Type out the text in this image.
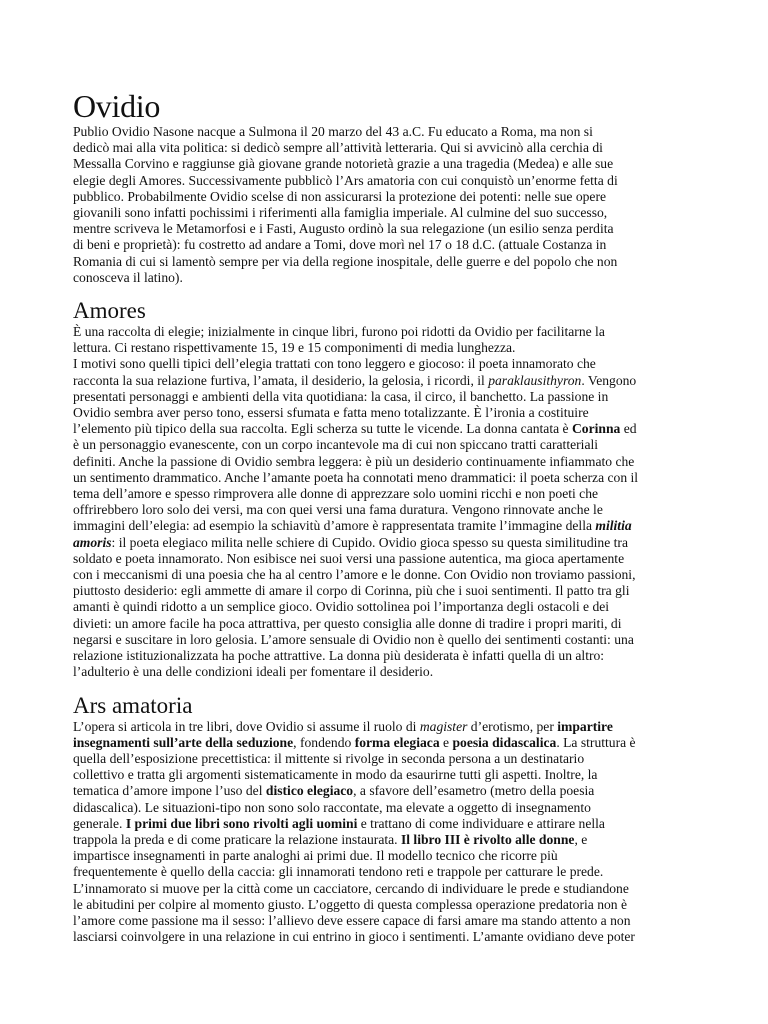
Ovidio
Publio Ovidio Nasone nacque a Sulmona il 20 marzo del 43 a.C. Fu educato a Roma, ma non si
dedicò mai alla vita politica: si dedicò sempre all’attività letteraria. Qui si avvicinò alla cerchia di
Messalla Corvino e raggiunse già giovane grande notorietà grazie a una tragedia (Medea) e alle sue
elegie degli Amores. Successivamente pubblicò l’Ars amatoria con cui conquistò un’enorme fetta di
pubblico. Probabilmente Ovidio scelse di non assicurarsi la protezione dei potenti: nelle sue opere
giovanili sono infatti pochissimi i riferimenti alla famiglia imperiale. Al culmine del suo successo,
mentre scriveva le Metamorfosi e i Fasti, Augusto ordinò la sua relegazione (un esilio senza perdita
di beni e proprietà): fu costretto ad andare a Tomi, dove morì nel 17 o 18 d.C. (attuale Costanza in
Romania di cui si lamentò sempre per via della regione inospitale, delle guerre e del popolo che non
conosceva il latino).
Amores
È una raccolta di elegie; inizialmente in cinque libri, furono poi ridotti da Ovidio per facilitarne la
lettura. Ci restano rispettivamente 15, 19 e 15 componimenti di media lunghezza.
I motivi sono quelli tipici dell’elegia trattati con tono leggero e giocoso: il poeta innamorato che
racconta la sua relazione furtiva, l’amata, il desiderio, la gelosia, i ricordi, il paraklausithyron. Vengono
presentati personaggi e ambienti della vita quotidiana: la casa, il circo, il banchetto. La passione in
Ovidio sembra aver perso tono, essersi sfumata e fatta meno totalizzante. È l’ironia a costituire
l’elemento più tipico della sua raccolta. Egli scherza su tutte le vicende. La donna cantata è Corinna ed
è un personaggio evanescente, con un corpo incantevole ma di cui non spiccano tratti caratteriali
definiti. Anche la passione di Ovidio sembra leggera: è più un desiderio continuamente infiammato che
un sentimento drammatico. Anche l’amante poeta ha connotati meno drammatici: il poeta scherza con il
tema dell’amore e spesso rimprovera alle donne di apprezzare solo uomini ricchi e non poeti che
offrirebbero loro solo dei versi, ma con quei versi una fama duratura. Vengono rinnovate anche le
immagini dell’elegia: ad esempio la schiavitù d’amore è rappresentata tramite l’immagine della militia
amoris: il poeta elegiaco milita nelle schiere di Cupido. Ovidio gioca spesso su questa similitudine tra
soldato e poeta innamorato. Non esibisce nei suoi versi una passione autentica, ma gioca apertamente
con i meccanismi di una poesia che ha al centro l’amore e le donne. Con Ovidio non troviamo passioni,
piuttosto desiderio: egli ammette di amare il corpo di Corinna, più che i suoi sentimenti. Il patto tra gli
amanti è quindi ridotto a un semplice gioco. Ovidio sottolinea poi l’importanza degli ostacoli e dei
divieti: un amore facile ha poca attrattiva, per questo consiglia alle donne di tradire i propri mariti, di
negarsi e suscitare in loro gelosia. L’amore sensuale di Ovidio non è quello dei sentimenti costanti: una
relazione istituzionalizzata ha poche attrattive. La donna più desiderata è infatti quella di un altro:
l’adulterio è una delle condizioni ideali per fomentare il desiderio.
Ars amatoria
L’opera si articola in tre libri, dove Ovidio si assume il ruolo di magister d’erotismo, per impartire
insegnamenti sull’arte della seduzione, fondendo forma elegiaca e poesia didascalica. La struttura è
quella dell’esposizione precettistica: il mittente si rivolge in seconda persona a un destinatario
collettivo e tratta gli argomenti sistematicamente in modo da esaurirne tutti gli aspetti. Inoltre, la
tematica d’amore impone l’uso del distico elegiaco, a sfavore dell’esametro (metro della poesia
didascalica). Le situazioni-tipo non sono solo raccontate, ma elevate a oggetto di insegnamento
generale. I primi due libri sono rivolti agli uomini e trattano di come individuare e attirare nella
trappola la preda e di come praticare la relazione instaurata. Il libro III è rivolto alle donne, e
impartisce insegnamenti in parte analoghi ai primi due. Il modello tecnico che ricorre più
frequentemente è quello della caccia: gli innamorati tendono reti e trappole per catturare le prede.
L’innamorato si muove per la città come un cacciatore, cercando di individuare le prede e studiandone
le abitudini per colpire al momento giusto. L’oggetto di questa complessa operazione predatoria non è
l’amore come passione ma il sesso: l’allievo deve essere capace di farsi amare ma stando attento a non
lasciarsi coinvolgere in una relazione in cui entrino in gioco i sentimenti. L’amante ovidiano deve poter
